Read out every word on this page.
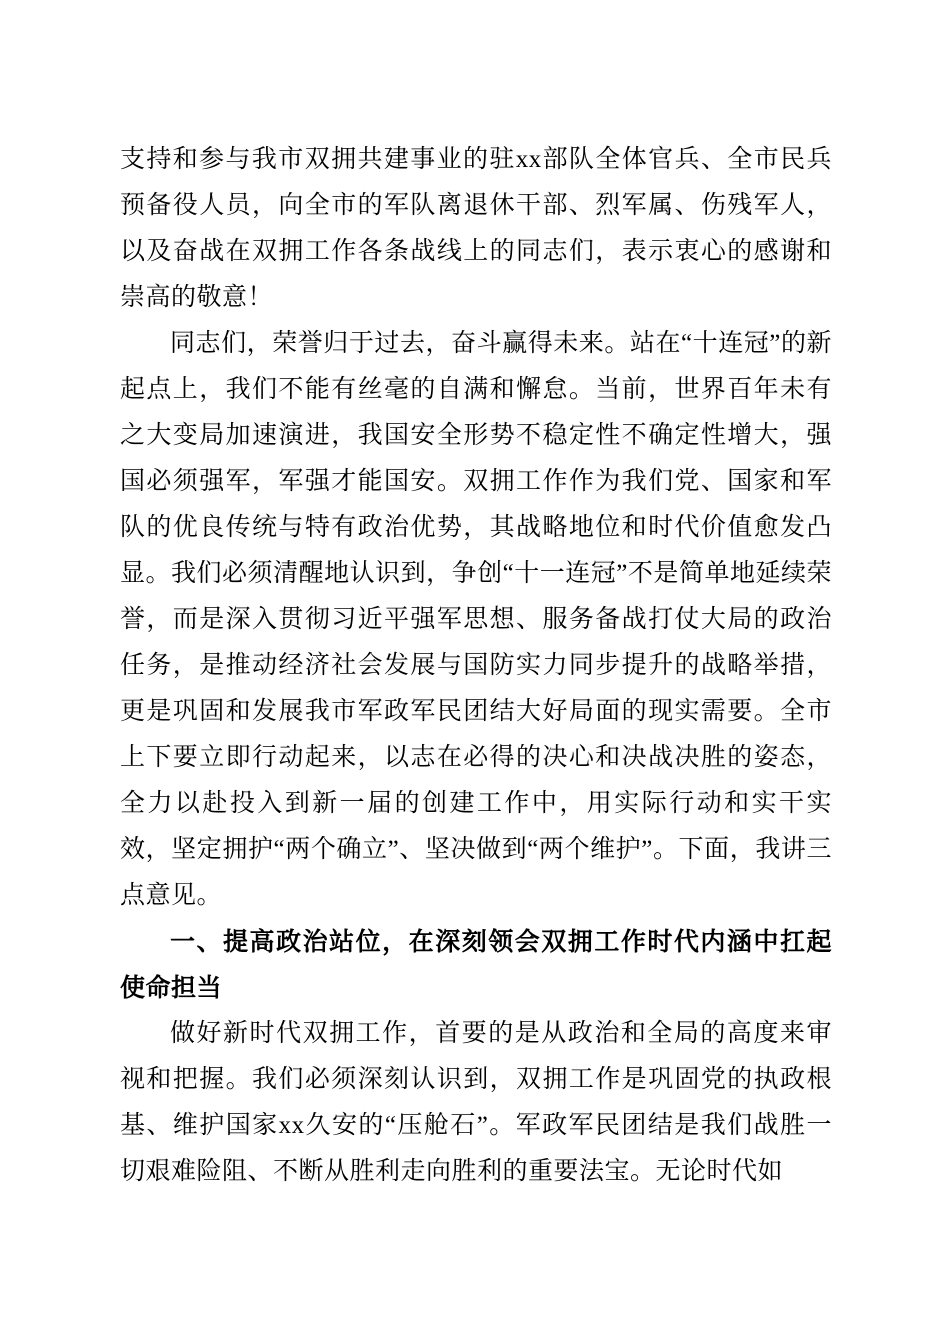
支持和参与我市双拥共建事业的驻xx部队全体官兵、全市民兵预备役人员，向全市的军队离退休干部、烈军属、伤残军人，以及奋战在双拥工作各条战线上的同志们，表示衷心的感谢和崇高的敬意！

同志们，荣誉归于过去，奋斗赢得未来。站在“十连冠”的新起点上，我们不能有丝毫的自满和懈怠。当前，世界百年未有之大变局加速演进，我国安全形势不稳定性不确定性增大，强国必须强军，军强才能国安。双拥工作作为我们党、国家和军队的优良传统与特有政治优势，其战略地位和时代价值愈发凸显。我们必须清醒地认识到，争创“十一连冠”不是简单地延续荣誉，而是深入贯彻习近平强军思想、服务备战打仗大局的政治任务，是推动经济社会发展与国防实力同步提升的战略举措，更是巩固和发展我市军政军民团结大好局面的现实需要。全市上下要立即行动起来，以志在必得的决心和决战决胜的姿态，全力以赴投入到新一届的创建工作中，用实际行动和实干实效，坚定拥护“两个确立”、坚决做到“两个维护”。下面，我讲三点意见。

一、提高政治站位，在深刻领会双拥工作时代内涵中扛起使命担当

做好新时代双拥工作，首要的是从政治和全局的高度来审视和把握。我们必须深刻认识到，双拥工作是巩固党的执政根基、维护国家xx久安的“压舱石”。军政军民团结是我们战胜一切艰难险阻、不断从胜利走向胜利的重要法宝。无论时代如
